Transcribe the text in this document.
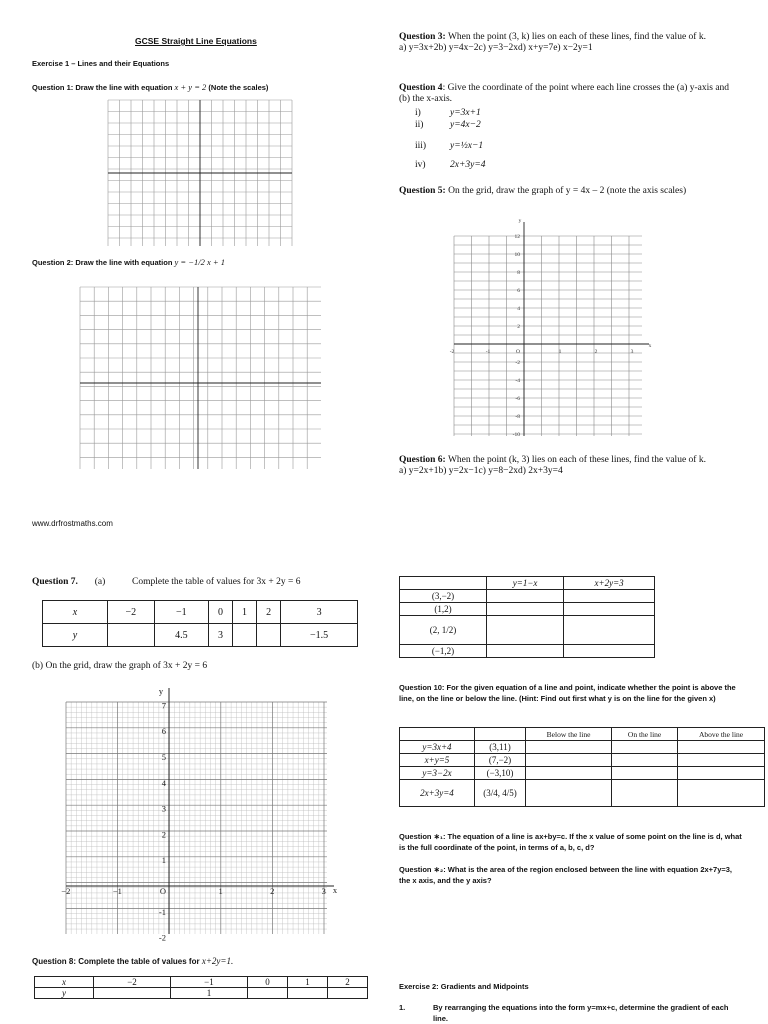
GCSE Straight Line Equations
Exercise 1 – Lines and their Equations
Question 1: Draw the line with equation x + y = 2 (Note the scales)
Question 2: Draw the line with equation y = −1/2 x + 1
www.drfrostmaths.com
Question 3: When the point (3, k) lies on each of these lines, find the value of k.
a) y=3x+2b) y=4x−2c) y=3−2xd) x+y=7e) x−2y=1
Question 4: Give the coordinate of the point where each line crosses the (a) y-axis and (b) the x-axis.
i)	y=3x+1
ii)	y=4x−2
iii)	y=½x−1
iv)	2x+3y=4
Question 5: On the grid, draw the graph of y = 4x – 2 (note the axis scales)
12
10
8
6
4
2
-2
-4
-6
-8
-10
-2	-1	1	2	3
O
x
y
Question 6: When the point (k, 3) lies on each of these lines, find the value of k.
a) y=2x+1b) y=2x−1c) y=8−2xd) 2x+3y=4
Question 7. (a)	Complete the table of values for 3x + 2y = 6
x	−2	−1	0	1	2	3
y		4.5	3			−1.5
(b) On the grid, draw the graph of 3x + 2y = 6
7
6
5
4
3
2
1
-1
-2
−2	−1	1	2	3
O	x
y
Question 8: Complete the table of values for x+2y=1.
x	−2	−1	0	1	2
y		1			
	y=1−x	x+2y=3
(3,−2)		
(1,2)		
(2, 1/2)		
(−1,2)		
Question 10: For the given equation of a line and point, indicate whether the point is above the line, on the line or below the line. (Hint: Find out first what y is on the line for the given x)
		Below the line	On the line	Above the line
y=3x+4	(3,11)			
x+y=5	(7,−2)			
y=3−2x	(−3,10)			
2x+3y=4	(3/4, 4/5)			
Question ∗₁: The equation of a line is ax+by=c. If the x value of some point on the line is d, what is the full coordinate of the point, in terms of a, b, c, d?
Question ∗₂: What is the area of the region enclosed between the line with equation 2x+7y=3, the x axis, and the y axis?
Exercise 2: Gradients and Midpoints
1.	By rearranging the equations into the form y=mx+c, determine the gradient of each line.
